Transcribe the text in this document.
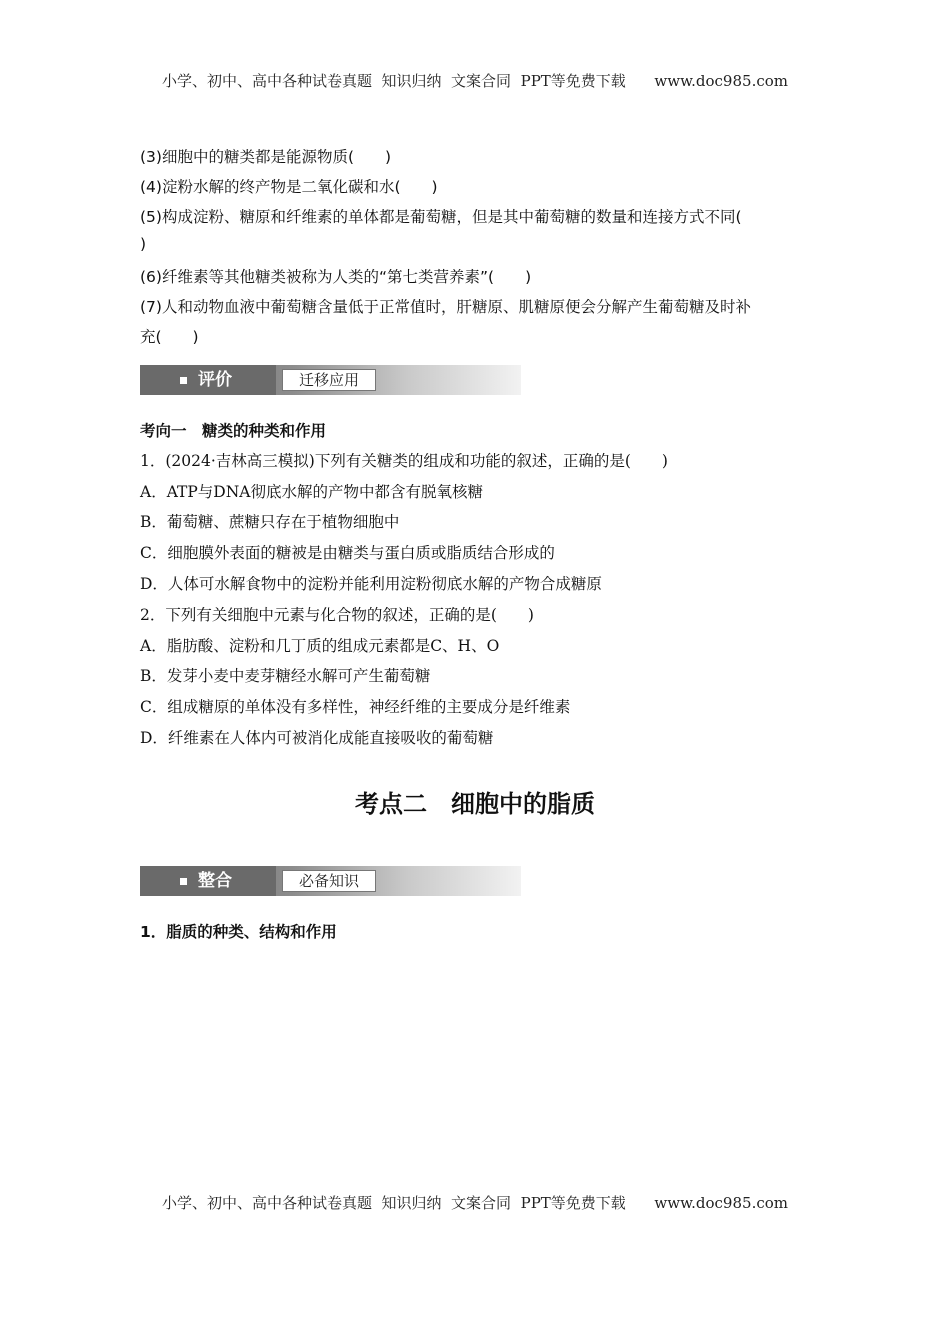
小学、初中、高中各种试卷真题  知识归纳  文案合同  PPT等免费下载      www.doc985.com
(3)细胞中的糖类都是能源物质(　　)
(4)淀粉水解的终产物是二氧化碳和水(　　)
(5)构成淀粉、糖原和纤维素的单体都是葡萄糖，但是其中葡萄糖的数量和连接方式不同(
)
(6)纤维素等其他糖类被称为人类的“第七类营养素”(　　)
(7)人和动物血液中葡萄糖含量低于正常值时，肝糖原、肌糖原便会分解产生葡萄糖及时补
充(　　)
评价	迁移应用
考向一　糖类的种类和作用
1．(2024·吉林高三模拟)下列有关糖类的组成和功能的叙述，正确的是(　　)
A．ATP与DNA彻底水解的产物中都含有脱氧核糖
B．葡萄糖、蔗糖只存在于植物细胞中
C．细胞膜外表面的糖被是由糖类与蛋白质或脂质结合形成的
D．人体可水解食物中的淀粉并能利用淀粉彻底水解的产物合成糖原
2．下列有关细胞中元素与化合物的叙述，正确的是(　　)
A．脂肪酸、淀粉和几丁质的组成元素都是C、H、O
B．发芽小麦中麦芽糖经水解可产生葡萄糖
C．组成糖原的单体没有多样性，神经纤维的主要成分是纤维素
D．纤维素在人体内可被消化成能直接吸收的葡萄糖
考点二　细胞中的脂质
整合	必备知识
1．脂质的种类、结构和作用
小学、初中、高中各种试卷真题  知识归纳  文案合同  PPT等免费下载      www.doc985.com
